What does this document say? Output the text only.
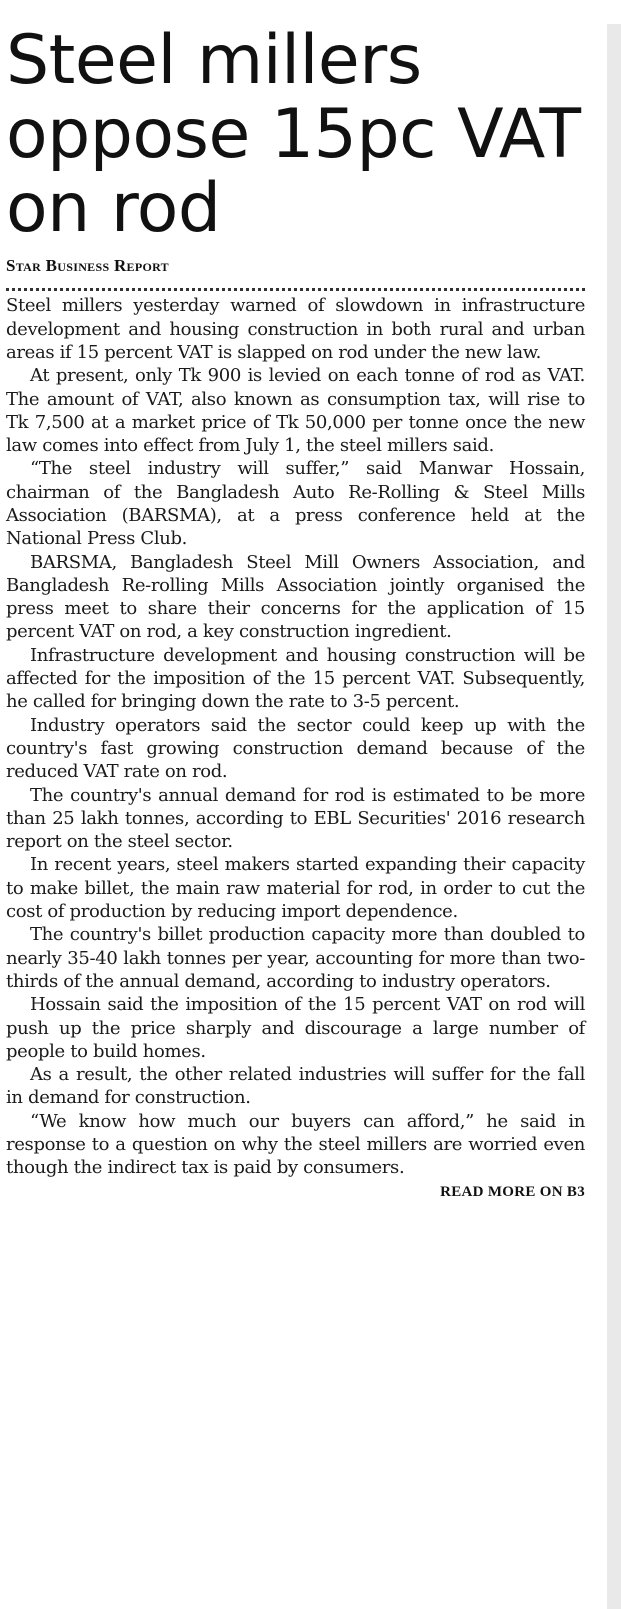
Steel millers oppose 15pc VAT on rod
Star Business Report

Steel millers yesterday warned of slowdown in infrastructure development and housing construction in both rural and urban areas if 15 percent VAT is slapped on rod under the new law.

At present, only Tk 900 is levied on each tonne of rod as VAT. The amount of VAT, also known as consumption tax, will rise to Tk 7,500 at a market price of Tk 50,000 per tonne once the new law comes into effect from July 1, the steel millers said.

“The steel industry will suffer,” said Manwar Hossain, chairman of the Bangladesh Auto Re-Rolling & Steel Mills Association (BARSMA), at a press conference held at the National Press Club.

BARSMA, Bangladesh Steel Mill Owners Association, and Bangladesh Re-rolling Mills Association jointly organised the press meet to share their concerns for the application of 15 percent VAT on rod, a key construction ingredient.

Infrastructure development and housing construction will be affected for the imposition of the 15 percent VAT. Subsequently, he called for bringing down the rate to 3-5 percent.

Industry operators said the sector could keep up with the country's fast growing construction demand because of the reduced VAT rate on rod.

The country's annual demand for rod is estimated to be more than 25 lakh tonnes, according to EBL Securities' 2016 research report on the steel sector.

In recent years, steel makers started expanding their capacity to make billet, the main raw material for rod, in order to cut the cost of production by reducing import dependence.

The country's billet production capacity more than doubled to nearly 35-40 lakh tonnes per year, accounting for more than two-thirds of the annual demand, according to industry operators.

Hossain said the imposition of the 15 percent VAT on rod will push up the price sharply and discourage a large number of people to build homes.

As a result, the other related industries will suffer for the fall in demand for construction.

“We know how much our buyers can afford,” he said in response to a question on why the steel millers are worried even though the indirect tax is paid by consumers.

READ MORE ON B3
